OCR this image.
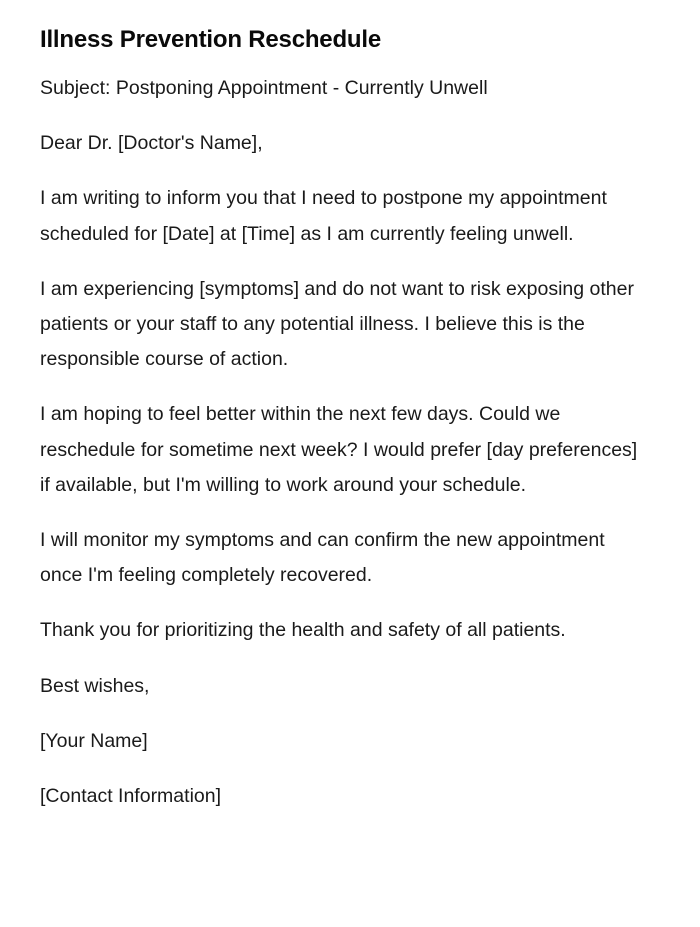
Illness Prevention Reschedule

Subject: Postponing Appointment - Currently Unwell

Dear Dr. [Doctor's Name],

I am writing to inform you that I need to postpone my appointment scheduled for [Date] at [Time] as I am currently feeling unwell.

I am experiencing [symptoms] and do not want to risk exposing other patients or your staff to any potential illness. I believe this is the responsible course of action.

I am hoping to feel better within the next few days. Could we reschedule for sometime next week? I would prefer [day preferences] if available, but I'm willing to work around your schedule.

I will monitor my symptoms and can confirm the new appointment once I'm feeling completely recovered.

Thank you for prioritizing the health and safety of all patients.

Best wishes,

[Your Name]

[Contact Information]
